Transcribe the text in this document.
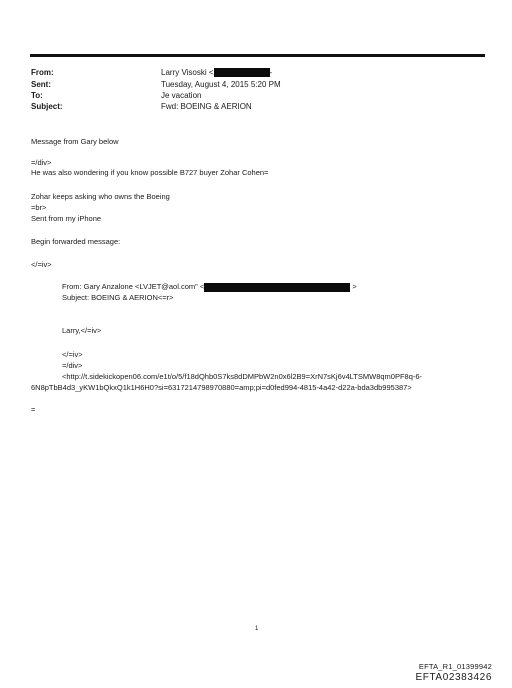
From:	Larry Visoski <	-
Sent:	Tuesday, August 4, 2015 5:20 PM
To:	Je vacation
Subject:	Fwd: BOEING & AERION
Message from Gary below
=/div>
He was also wondering if you know possible B727 buyer Zohar Cohen=
Zohar keeps asking who owns the Boeing
=br>
Sent from my iPhone
Begin forwarded message:
</=iv>
From: Gary Anzalone <LVJET@aol.com" <	>
Subject: BOEING & AERION<=r>
Larry,</=iv>
</=iv>
=/div>
<http://t.sidekickopen06.com/e1t/o/5/f18dQhb0S7ks8dDMPbW2n0x6l2B9=XrN7sKj6v4LTSMW8qm0PF8q-6-
6N8pTbB4d3_yKW1bQkxQ1k1H6H0?si=6317214798970880=amp;pi=d0fed994-4815-4a42-d22a-bda3db995387>
=
1
EFTA_R1_01399942
EFTA02383426
